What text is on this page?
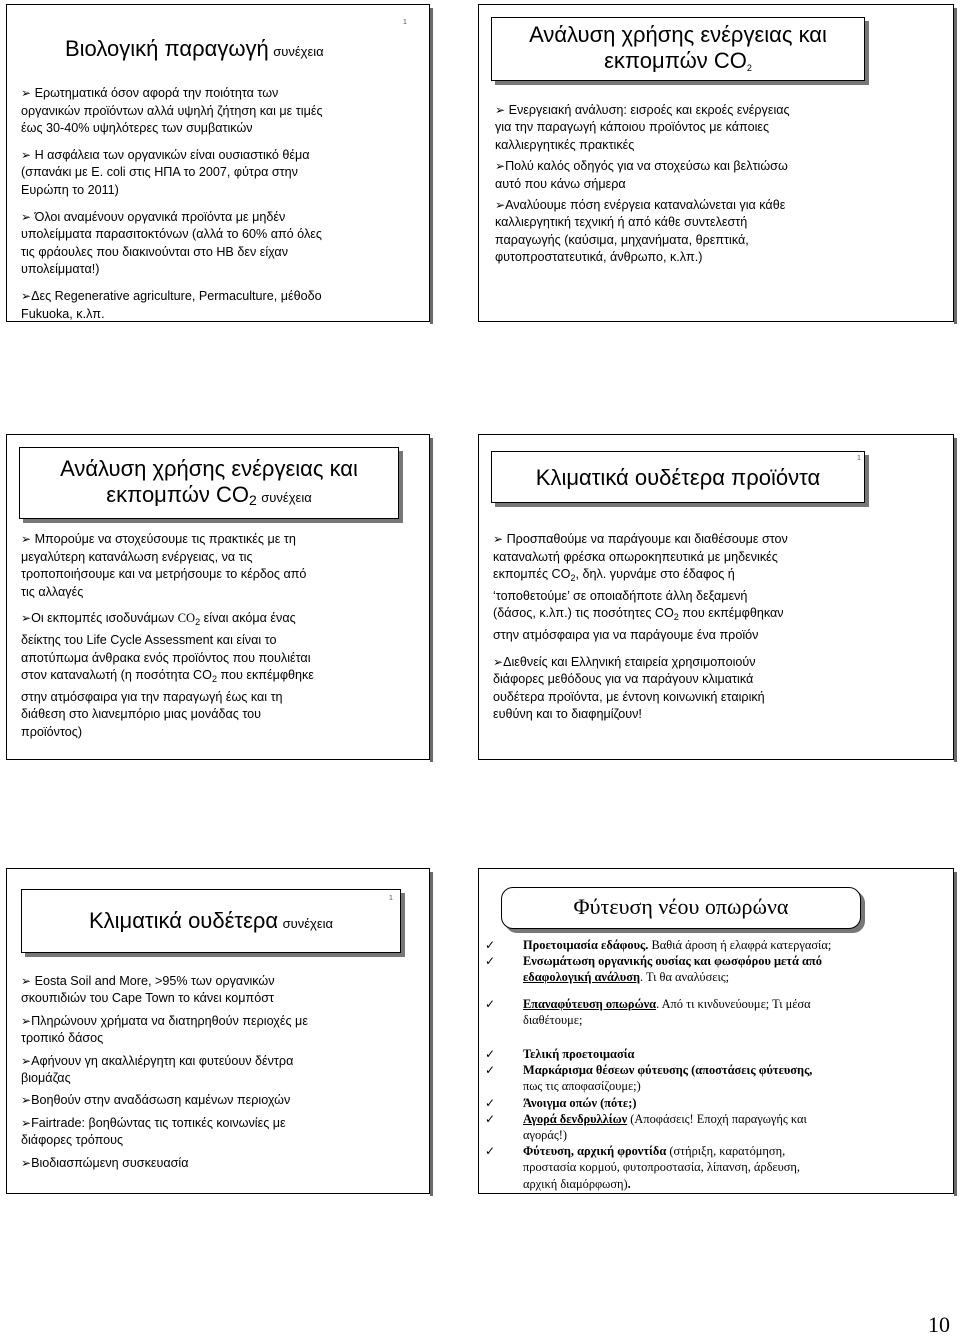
1
Βιολογική παραγωγή συνέχεια

➢ Ερωτηματικά όσον αφορά την ποιότητα των

οργανικών προϊόντων αλλά υψηλή ζήτηση και με τιμές

έως 30-40% υψηλότερες των συμβατικών

➢ Η ασφάλεια των οργανικών είναι ουσιαστικό θέμα

(σπανάκι με E. coli στις ΗΠΑ το 2007, φύτρα στην

Ευρώπη το 2011)

➢ Όλοι αναμένουν οργανικά προϊόντα με μηδέν

υπολείμματα παρασιτοκτόνων (αλλά το 60% από όλες

τις φράουλες που διακινούνται στο ΗΒ δεν είχαν

υπολείμματα!)

➢Δες Regenerative agriculture, Permaculture, μέθοδο

Fukuoka, κ.λπ.

Ανάλυση χρήσης ενέργειας και
εκπομπών $CO_2$

➢ Ενεργειακή ανάλυση: εισροές και εκροές ενέργειας

για την παραγωγή κάποιου προϊόντος με κάποιες

καλλιεργητικές πρακτικές

➢Πολύ καλός οδηγός για να στοχεύσω και βελτιώσω

αυτό που κάνω σήμερα

➢Αναλύουμε πόση ενέργεια καταναλώνεται για κάθε

καλλιεργητική τεχνική ή από κάθε συντελεστή

παραγωγής (καύσιμα, μηχανήματα, θρεπτικά,

φυτοπροστατευτικά, άνθρωπο, κ.λπ.)

Ανάλυση χρήσης ενέργειας και
εκπομπών $CO_2$ συνέχεια

➢ Μπορούμε να στοχεύσουμε τις πρακτικές με τη

μεγαλύτερη κατανάλωση ενέργειας, να τις

τροποποιήσουμε και να μετρήσουμε το κέρδος από

τις αλλαγές

➢Οι εκπομπές ισοδυνάμων $CO_2$ είναι ακόμα ένας

δείκτης του Life Cycle Assessment και είναι το

αποτύπωμα άνθρακα ενός προϊόντος που πουλιέται

στον καταναλωτή (η ποσότητα $CO_2$ που εκπέμφθηκε

στην ατμόσφαιρα για την παραγωγή έως και τη

διάθεση στο λιανεμπόριο μιας μονάδας του

προϊόντος)

Κλιματικά ουδέτερα προϊόντα
1

➢ Προσπαθούμε να παράγουμε και διαθέσουμε στον

καταναλωτή φρέσκα οπωροκηπευτικά με μηδενικές

εκπομπές $CO_2$, δηλ. γυρνάμε στο έδαφος ή

‘τοποθετούμε’ σε οποιαδήποτε άλλη δεξαμενή

(δάσος, κ.λπ.) τις ποσότητες $CO_2$ που εκπέμφθηκαν

στην ατμόσφαιρα για να παράγουμε ένα προϊόν

➢Διεθνείς και Ελληνική εταιρεία χρησιμοποιούν

διάφορες μεθόδους για να παράγουν κλιματικά

ουδέτερα προϊόντα, με έντονη κοινωνική εταιρική

ευθύνη και το διαφημίζουν!

Κλιματικά ουδέτερα συνέχεια
1

➢ Eosta Soil and More, >95% των οργανικών

σκουπιδιών του Cape Town το κάνει κομπόστ

➢Πληρώνουν χρήματα να διατηρηθούν περιοχές με

τροπικό δάσος

➢Αφήνουν γη ακαλλιέργητη και φυτεύουν δέντρα

βιομάζας

➢Βοηθούν στην αναδάσωση καμένων περιοχών

➢Fairtrade: βοηθώντας τις τοπικές κοινωνίες με

διάφορες τρόπους

➢Βιοδιασπώμενη συσκευασία

Φύτευση νέου οπωρώνα
✓ Προετοιμασία εδάφους. Βαθιά άροση ή ελαφρά κατεργασία;
✓ Ενσωμάτωση οργανικής ουσίας και φωσφόρου μετά από
εδαφολογική ανάλυση. Τι θα αναλύσεις;
✓ Επαναφύτευση οπωρώνα. Από τι κινδυνεύουμε; Τι μέσα
διαθέτουμε;
✓ Τελική προετοιμασία
✓ Μαρκάρισμα θέσεων φύτευσης (αποστάσεις φύτευσης,
πως τις αποφασίζουμε;)
✓ Άνοιγμα οπών (πότε;)
✓ Αγορά δενδρυλλίων (Αποφάσεις! Εποχή παραγωγής και
αγοράς!)
✓ Φύτευση, αρχική φροντίδα (στήριξη, καρατόμηση,
προστασία κορμού, φυτοπροστασία, λίπανση, άρδευση,
αρχική διαμόρφωση).
10
